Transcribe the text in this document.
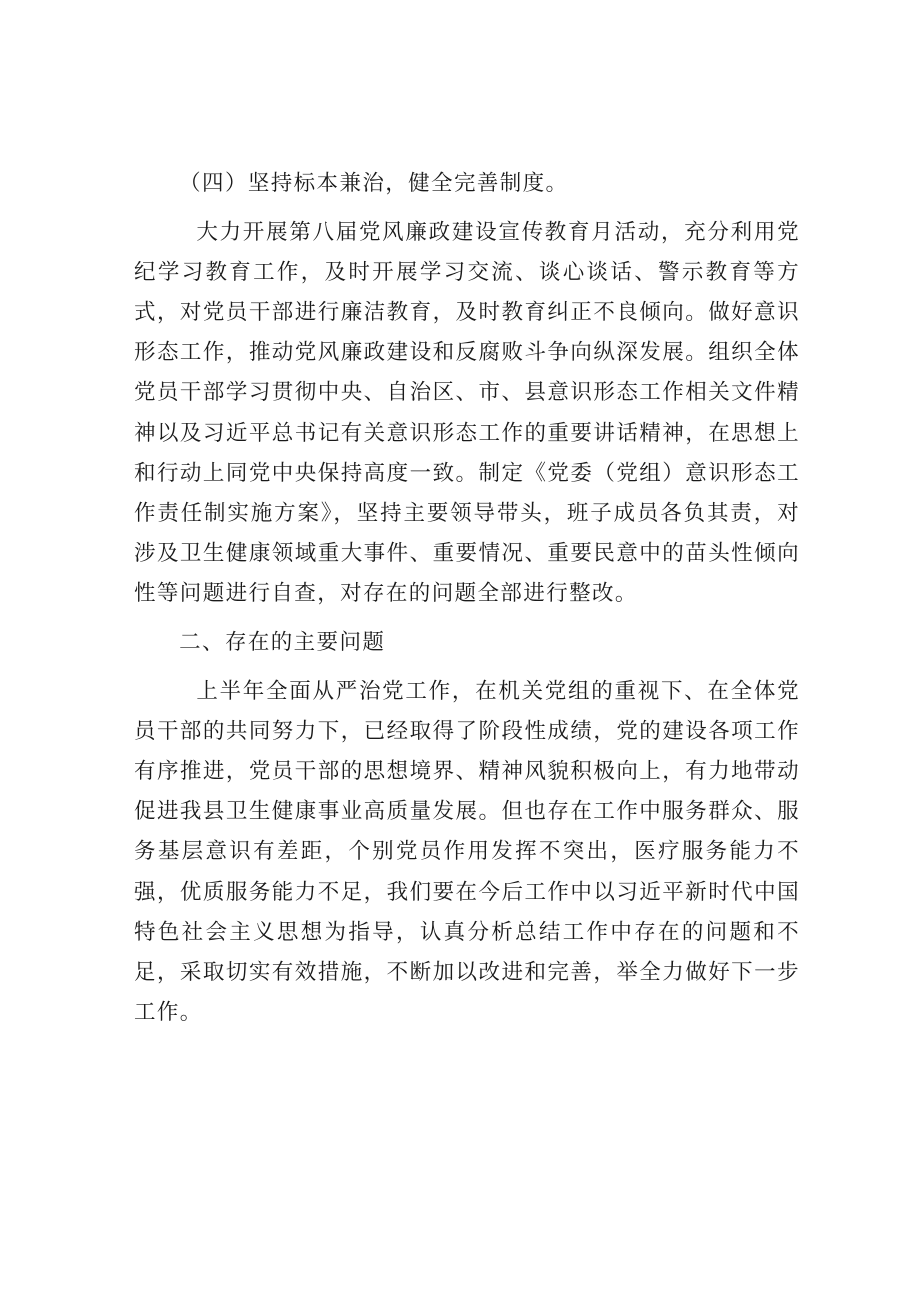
（四）坚持标本兼治，健全完善制度。

大力开展第八届党风廉政建设宣传教育月活动，充分利用党纪学习教育工作，及时开展学习交流、谈心谈话、警示教育等方式，对党员干部进行廉洁教育，及时教育纠正不良倾向。做好意识形态工作，推动党风廉政建设和反腐败斗争向纵深发展。组织全体党员干部学习贯彻中央、自治区、市、县意识形态工作相关文件精神以及习近平总书记有关意识形态工作的重要讲话精神，在思想上和行动上同党中央保持高度一致。制定《党委（党组）意识形态工作责任制实施方案》，坚持主要领导带头，班子成员各负其责，对涉及卫生健康领域重大事件、重要情况、重要民意中的苗头性倾向性等问题进行自查，对存在的问题全部进行整改。

二、存在的主要问题

上半年全面从严治党工作，在机关党组的重视下、在全体党员干部的共同努力下，已经取得了阶段性成绩，党的建设各项工作有序推进，党员干部的思想境界、精神风貌积极向上，有力地带动促进我县卫生健康事业高质量发展。但也存在工作中服务群众、服务基层意识有差距，个别党员作用发挥不突出，医疗服务能力不强，优质服务能力不足，我们要在今后工作中以习近平新时代中国特色社会主义思想为指导，认真分析总结工作中存在的问题和不足，采取切实有效措施，不断加以改进和完善，举全力做好下一步工作。
